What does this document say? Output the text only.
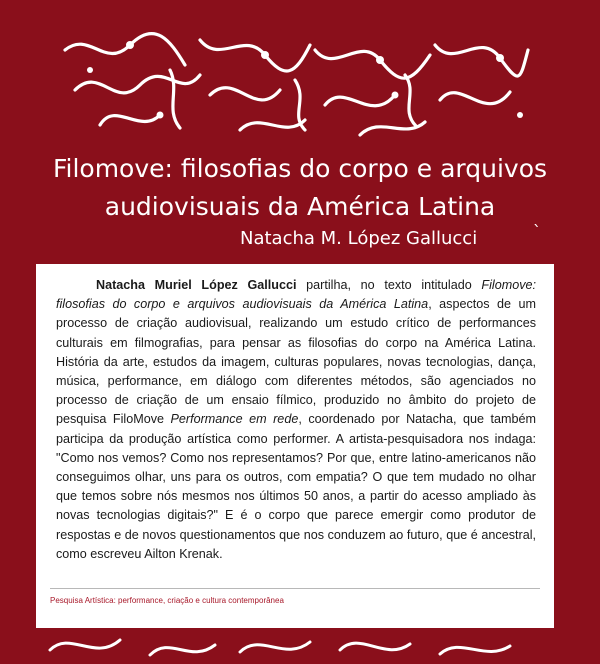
Filomove: filosofias do corpo e arquivos
audiovisuais da América Latina

Natacha M. López Gallucci	`

Natacha Muriel López Gallucci partilha, no texto intitulado Filomove: filosofias do corpo e arquivos audiovisuais da América Latina, aspectos de um processo de criação audiovisual, realizando um estudo crítico de performances culturais em filmografias, para pensar as filosofias do corpo na América Latina. História da arte, estudos da imagem, culturas populares, novas tecnologias, dança, música, performance, em diálogo com diferentes métodos, são agenciados no processo de criação de um ensaio fílmico, produzido no âmbito do projeto de pesquisa FiloMove Performance em rede, coordenado por Natacha, que também participa da produção artística como performer. A artista-pesquisadora nos indaga: "Como nos vemos? Como nos representamos? Por que, entre latino-americanos não conseguimos olhar, uns para os outros, com empatia? O que tem mudado no olhar que temos sobre nós mesmos nos últimos 50 anos, a partir do acesso ampliado às novas tecnologias digitais?" E é o corpo que parece emergir como produtor de respostas e de novos questionamentos que nos conduzem ao futuro, que é ancestral, como escreveu Ailton Krenak.

Pesquisa Artística: performance, criação e cultura contemporânea

5
